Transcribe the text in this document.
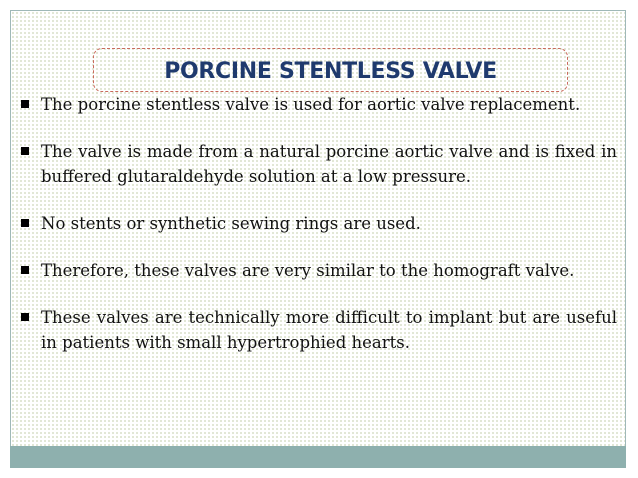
PORCINE STENTLESS VALVE
The porcine stentless valve is used for aortic valve replacement.
The valve is made from a natural porcine aortic valve and is fixed in buffered glutaraldehyde solution at a low pressure.
No stents or synthetic sewing rings are used.
Therefore, these valves are very similar to the homograft valve.
These valves are technically more difficult to implant but are useful in patients with small hypertrophied hearts.
